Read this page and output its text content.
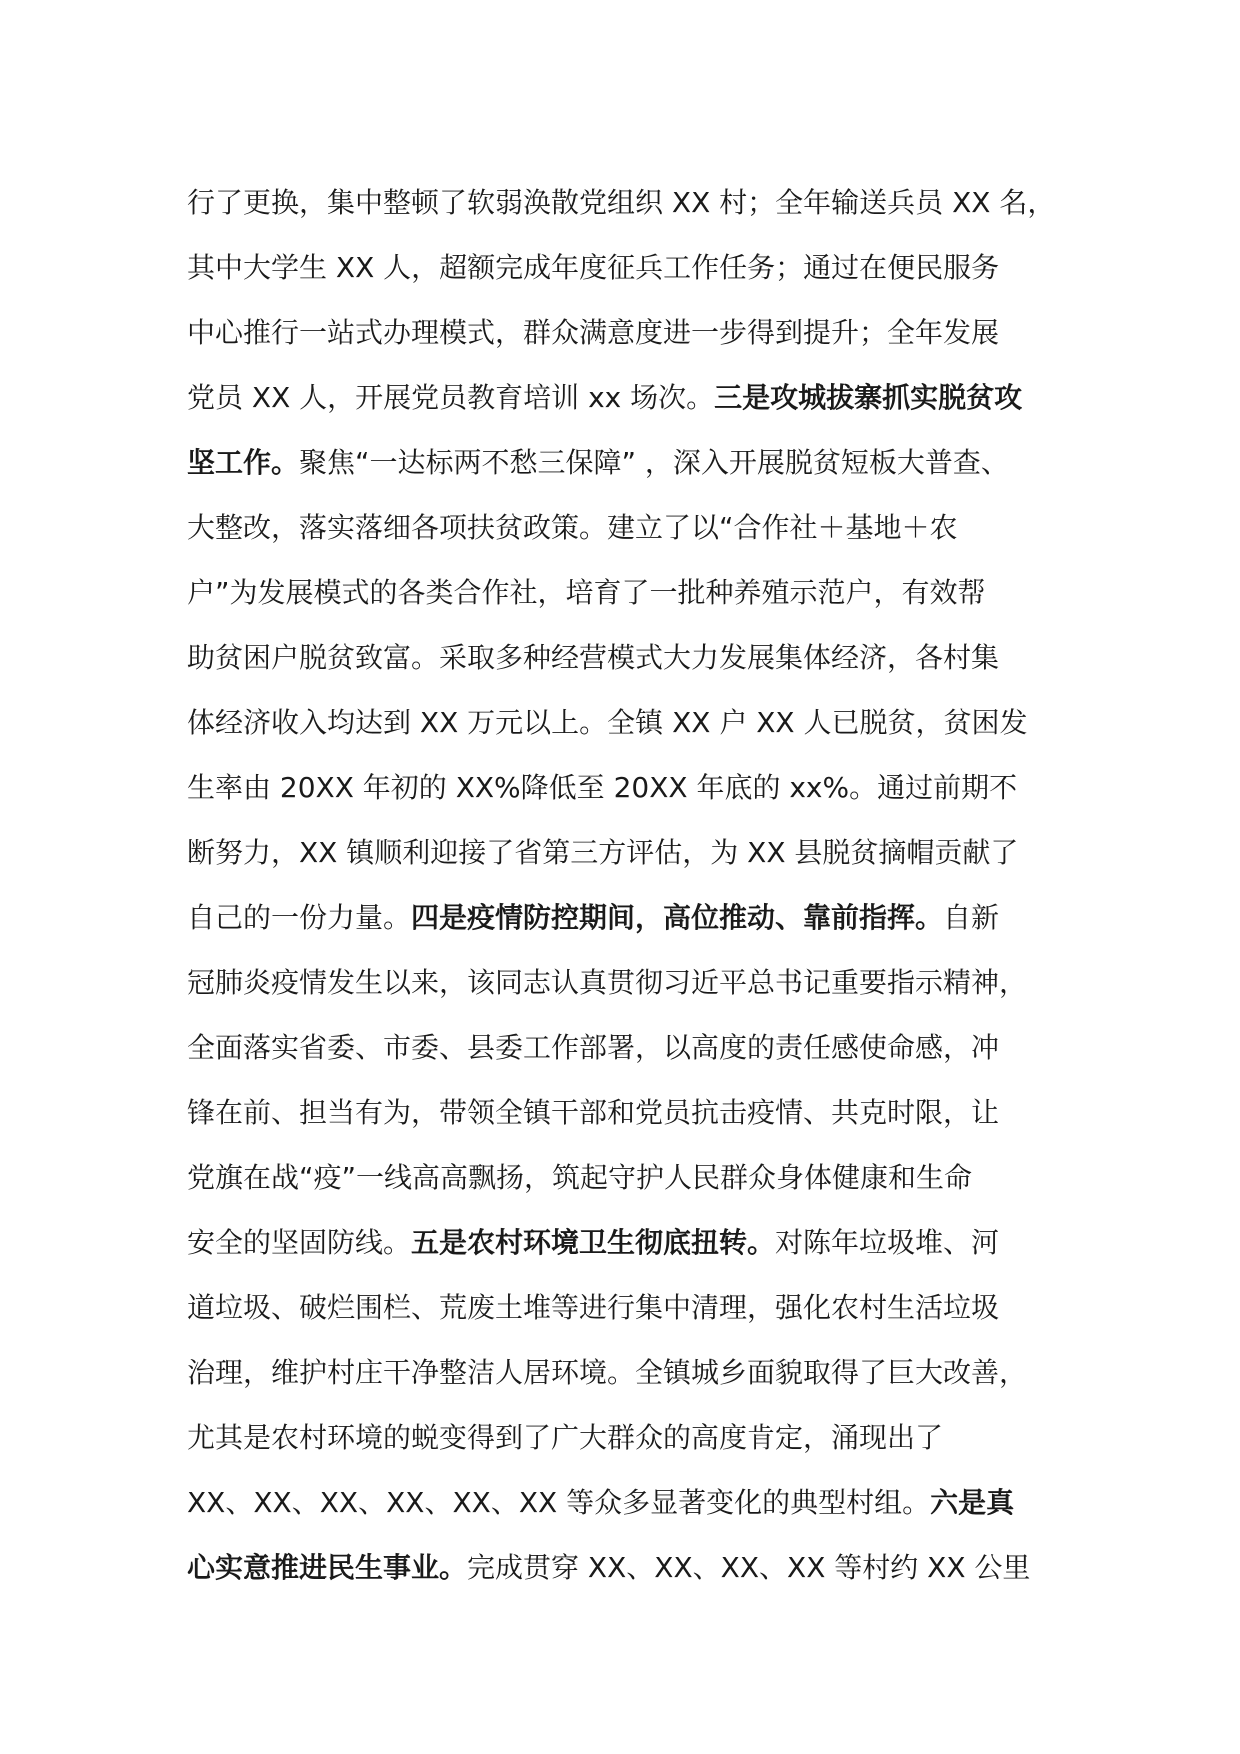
行了更换，集中整顿了软弱涣散党组织 XX 村；全年输送兵员 XX 名，
其中大学生 XX 人，超额完成年度征兵工作任务；通过在便民服务
中心推行一站式办理模式，群众满意度进一步得到提升；全年发展
党员 XX 人，开展党员教育培训 xx 场次。三是攻城拔寨抓实脱贫攻
坚工作。聚焦“一达标两不愁三保障” ，深入开展脱贫短板大普查、
大整改，落实落细各项扶贫政策。建立了以“合作社＋基地＋农
户”为发展模式的各类合作社，培育了一批种养殖示范户，有效帮
助贫困户脱贫致富。采取多种经营模式大力发展集体经济，各村集
体经济收入均达到 XX 万元以上。全镇 XX 户 XX 人已脱贫，贫困发
生率由 20XX 年初的 XX%降低至 20XX 年底的 xx%。通过前期不
断努力，XX 镇顺利迎接了省第三方评估，为 XX 县脱贫摘帽贡献了
自己的一份力量。四是疫情防控期间，高位推动、靠前指挥。自新
冠肺炎疫情发生以来，该同志认真贯彻习近平总书记重要指示精神，
全面落实省委、市委、县委工作部署，以高度的责任感使命感，冲
锋在前、担当有为，带领全镇干部和党员抗击疫情、共克时限，让
党旗在战“疫”一线高高飘扬，筑起守护人民群众身体健康和生命
安全的坚固防线。五是农村环境卫生彻底扭转。对陈年垃圾堆、河
道垃圾、破烂围栏、荒废土堆等进行集中清理，强化农村生活垃圾
治理，维护村庄干净整洁人居环境。全镇城乡面貌取得了巨大改善，
尤其是农村环境的蜕变得到了广大群众的高度肯定，涌现出了
XX、XX、XX、XX、XX、XX 等众多显著变化的典型村组。六是真
心实意推进民生事业。完成贯穿 XX、XX、XX、XX 等村约 XX 公里
